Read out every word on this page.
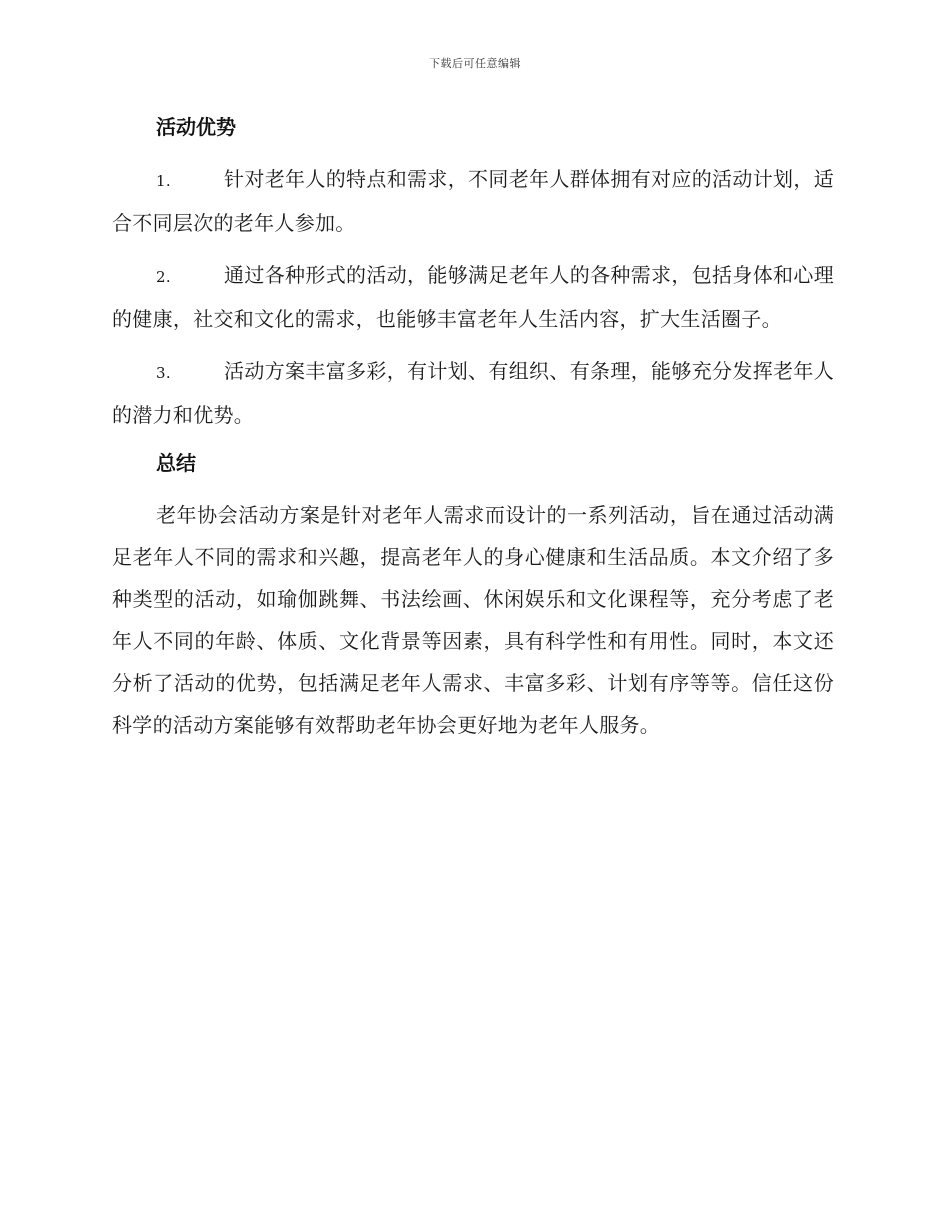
下载后可任意编辑
活动优势

1.	针对老年人的特点和需求，不同老年人群体拥有对应的活动计划，适合不同层次的老年人参加。

2.	通过各种形式的活动，能够满足老年人的各种需求，包括身体和心理的健康，社交和文化的需求，也能够丰富老年人生活内容，扩大生活圈子。

3.	活动方案丰富多彩，有计划、有组织、有条理，能够充分发挥老年人的潜力和优势。

总结

老年协会活动方案是针对老年人需求而设计的一系列活动，旨在通过活动满足老年人不同的需求和兴趣，提高老年人的身心健康和生活品质。本文介绍了多种类型的活动，如瑜伽跳舞、书法绘画、休闲娱乐和文化课程等，充分考虑了老年人不同的年龄、体质、文化背景等因素，具有科学性和有用性。同时，本文还分析了活动的优势，包括满足老年人需求、丰富多彩、计划有序等等。信任这份科学的活动方案能够有效帮助老年协会更好地为老年人服务。
